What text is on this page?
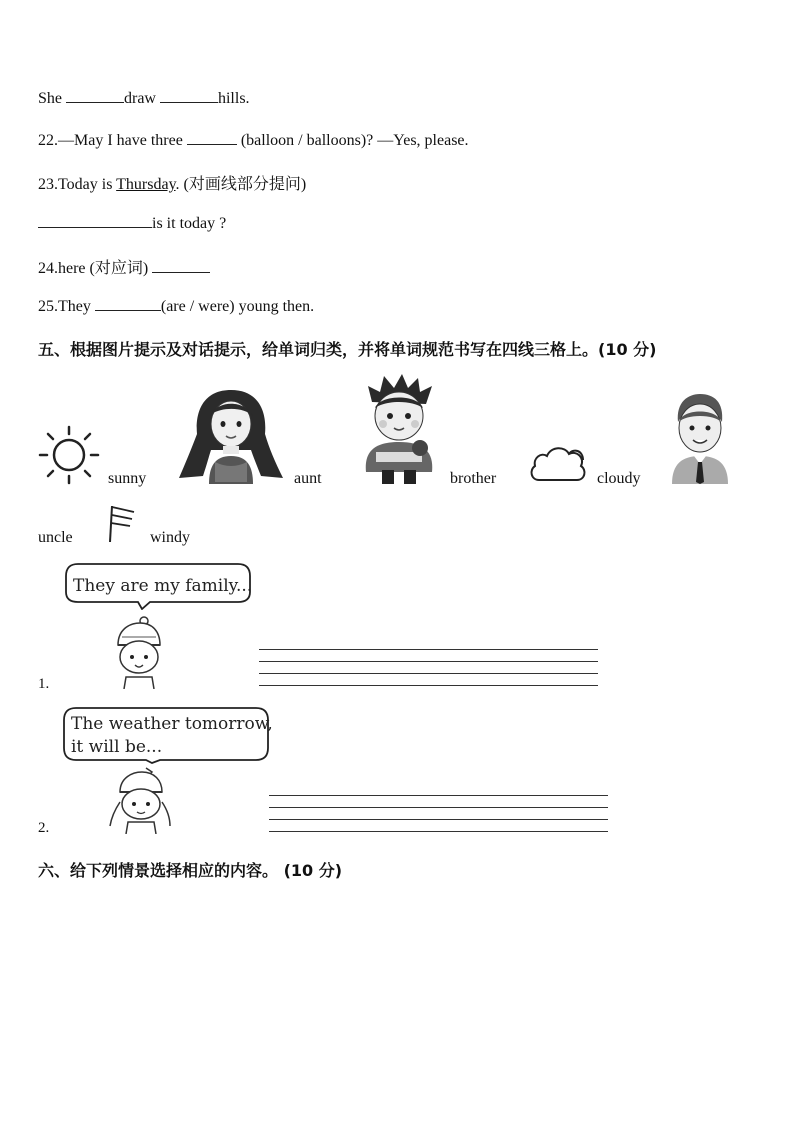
She	draw	hills.
22.—May I have three	(balloon / balloons)? —Yes, please.
23.Today is Thursday. (对画线部分提问)
is it today ?
24.here (对应词)
25.They	(are / were) young then.
五、根据图片提示及对话提示，给单词归类，并将单词规范书写在四线三格上。(10 分)
sunny	aunt	brother	cloudy
uncle	windy
They are my family...
1.
The weather tomorrow,
it will be...
2.
六、给下列情景选择相应的内容。 (10 分)
